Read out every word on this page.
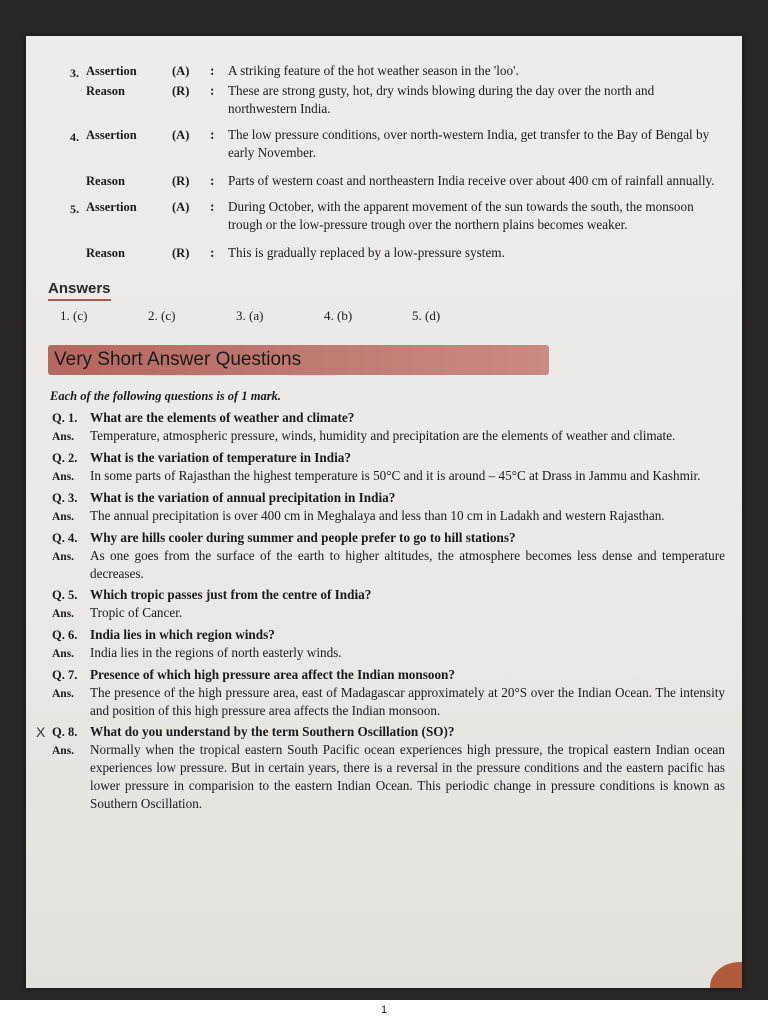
3. Assertion	(A)	:	A striking feature of the hot weather season in the 'loo'.
Reason	(R)	:	These are strong gusty, hot, dry winds blowing during the day over the north and northwestern India.
4. Assertion	(A)	:	The low pressure conditions, over north-western India, get transfer to the Bay of Bengal by early November.
Reason	(R)	:	Parts of western coast and northeastern India receive over about 400 cm of rainfall annually.
5. Assertion	(A)	:	During October, with the apparent movement of the sun towards the south, the monsoon trough or the low-pressure trough over the northern plains becomes weaker.
Reason	(R)	:	This is gradually replaced by a low-pressure system.
Answers
1. (c)	2. (c)	3. (a)	4. (b)	5. (d)
Very Short Answer Questions
Each of the following questions is of 1 mark.
Q. 1. What are the elements of weather and climate?
Ans.	Temperature, atmospheric pressure, winds, humidity and precipitation are the elements of weather and climate.
Q. 2. What is the variation of temperature in India?
Ans.	In some parts of Rajasthan the highest temperature is 50°C and it is around – 45°C at Drass in Jammu and Kashmir.
Q. 3. What is the variation of annual precipitation in India?
Ans.	The annual precipitation is over 400 cm in Meghalaya and less than 10 cm in Ladakh and western Rajasthan.
Q. 4. Why are hills cooler during summer and people prefer to go to hill stations?
Ans.	As one goes from the surface of the earth to higher altitudes, the atmosphere becomes less dense and temperature decreases.
Q. 5. Which tropic passes just from the centre of India?
Ans.	Tropic of Cancer.
Q. 6. India lies in which region winds?
Ans.	India lies in the regions of north easterly winds.
Q. 7. Presence of which high pressure area affect the Indian monsoon?
Ans.	The presence of the high pressure area, east of Madagascar approximately at 20°S over the Indian Ocean. The intensity and position of this high pressure area affects the Indian monsoon.
X Q. 8. What do you understand by the term Southern Oscillation (SO)?
Ans.	Normally when the tropical eastern South Pacific ocean experiences high pressure, the tropical eastern Indian ocean experiences low pressure. But in certain years, there is a reversal in the pressure conditions and the eastern pacific has lower pressure in comparision to the eastern Indian Ocean. This periodic change in pressure conditions is known as Southern Oscillation.
1
